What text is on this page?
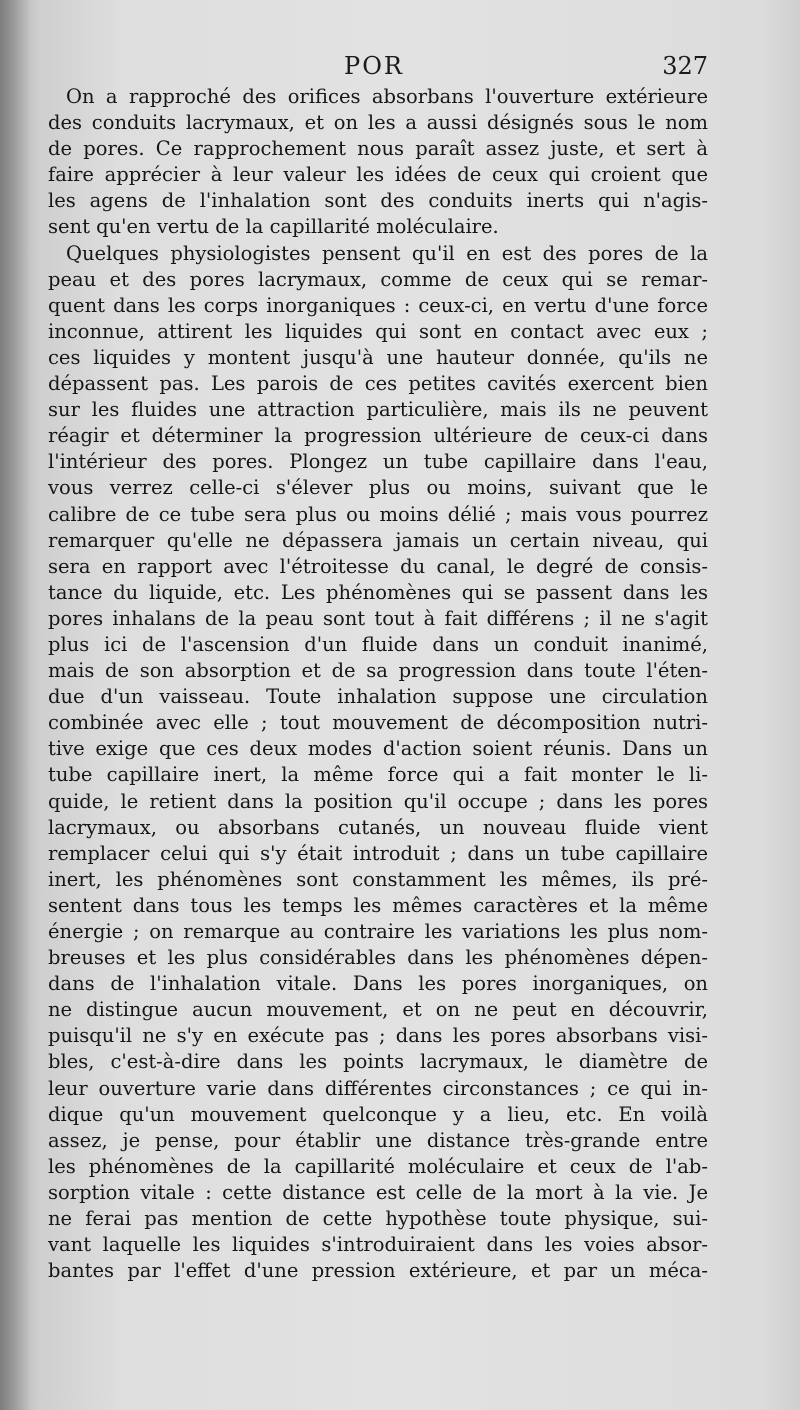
POR	327
On a rapproché des orifices absorbans l'ouverture extérieure
des conduits lacrymaux, et on les a aussi désignés sous le nom
de pores. Ce rapprochement nous paraît assez juste, et sert à
faire apprécier à leur valeur les idées de ceux qui croient que
les agens de l'inhalation sont des conduits inerts qui n'agis-
sent qu'en vertu de la capillarité moléculaire.
Quelques physiologistes pensent qu'il en est des pores de la
peau et des pores lacrymaux, comme de ceux qui se remar-
quent dans les corps inorganiques : ceux-ci, en vertu d'une force
inconnue, attirent les liquides qui sont en contact avec eux ;
ces liquides y montent jusqu'à une hauteur donnée, qu'ils ne
dépassent pas. Les parois de ces petites cavités exercent bien
sur les fluides une attraction particulière, mais ils ne peuvent
réagir et déterminer la progression ultérieure de ceux-ci dans
l'intérieur des pores. Plongez un tube capillaire dans l'eau,
vous verrez celle-ci s'élever plus ou moins, suivant que le
calibre de ce tube sera plus ou moins délié ; mais vous pourrez
remarquer qu'elle ne dépassera jamais un certain niveau, qui
sera en rapport avec l'étroitesse du canal, le degré de consis-
tance du liquide, etc. Les phénomènes qui se passent dans les
pores inhalans de la peau sont tout à fait différens ; il ne s'agit
plus ici de l'ascension d'un fluide dans un conduit inanimé,
mais de son absorption et de sa progression dans toute l'éten-
due d'un vaisseau. Toute inhalation suppose une circulation
combinée avec elle ; tout mouvement de décomposition nutri-
tive exige que ces deux modes d'action soient réunis. Dans un
tube capillaire inert, la même force qui a fait monter le li-
quide, le retient dans la position qu'il occupe ; dans les pores
lacrymaux, ou absorbans cutanés, un nouveau fluide vient
remplacer celui qui s'y était introduit ; dans un tube capillaire
inert, les phénomènes sont constamment les mêmes, ils pré-
sentent dans tous les temps les mêmes caractères et la même
énergie ; on remarque au contraire les variations les plus nom-
breuses et les plus considérables dans les phénomènes dépen-
dans de l'inhalation vitale. Dans les pores inorganiques, on
ne distingue aucun mouvement, et on ne peut en découvrir,
puisqu'il ne s'y en exécute pas ; dans les pores absorbans visi-
bles, c'est-à-dire dans les points lacrymaux, le diamètre de
leur ouverture varie dans différentes circonstances ; ce qui in-
dique qu'un mouvement quelconque y a lieu, etc. En voilà
assez, je pense, pour établir une distance très-grande entre
les phénomènes de la capillarité moléculaire et ceux de l'ab-
sorption vitale : cette distance est celle de la mort à la vie. Je
ne ferai pas mention de cette hypothèse toute physique, sui-
vant laquelle les liquides s'introduiraient dans les voies absor-
bantes par l'effet d'une pression extérieure, et par un méca-
